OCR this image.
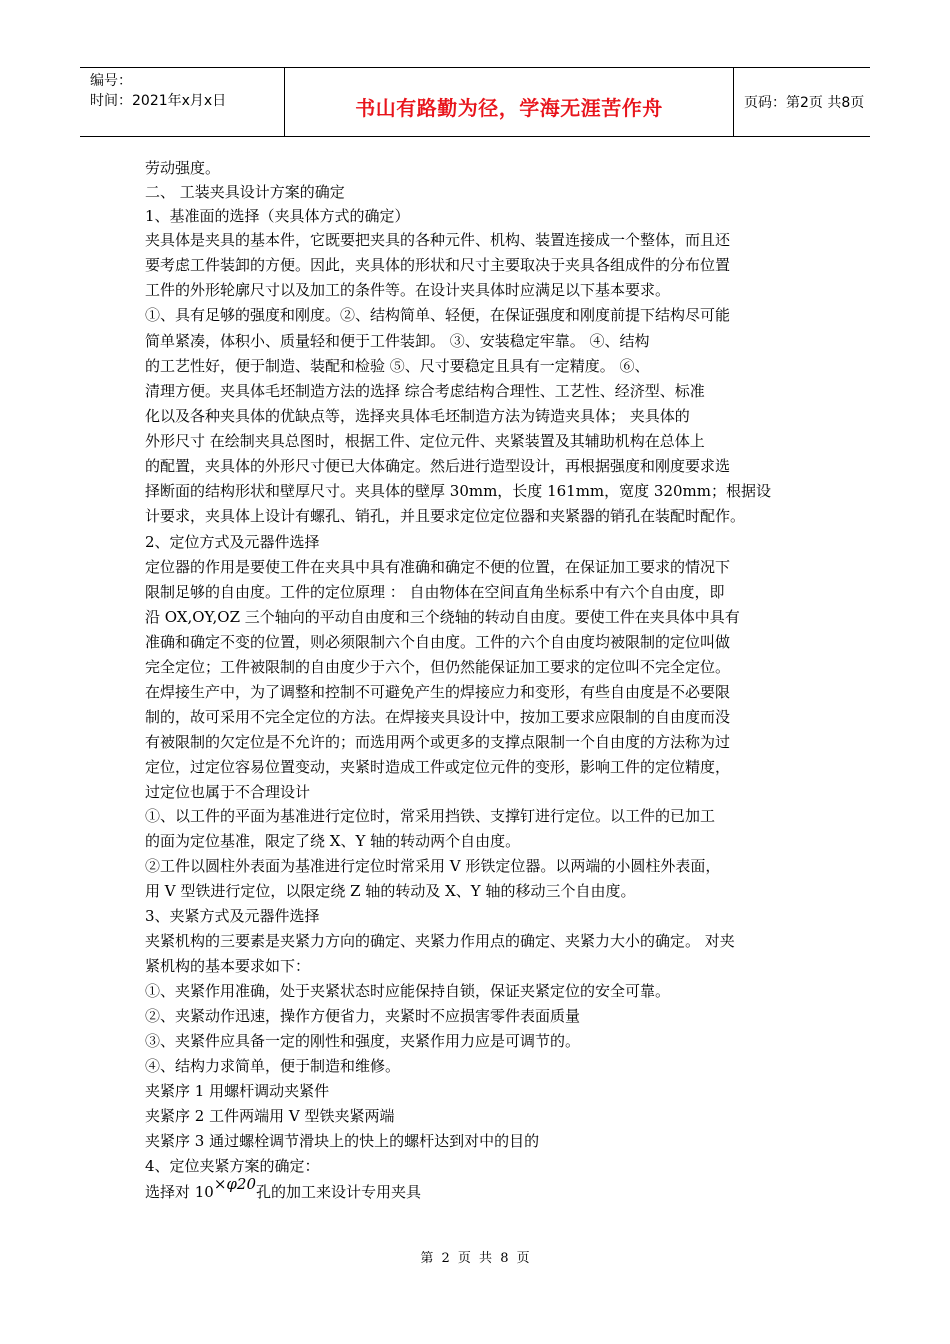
编号：
时间：2021年x月x日	书山有路勤为径，学海无涯苦作舟	页码：第2页 共8页
劳动强度。
二、 工装夹具设计方案的确定
1、基准面的选择（夹具体方式的确定）
夹具体是夹具的基本件，它既要把夹具的各种元件、机构、装置连接成一个整体，而且还
要考虑工件装卸的方便。因此，夹具体的形状和尺寸主要取决于夹具各组成件的分布位置
工件的外形轮廓尺寸以及加工的条件等。在设计夹具体时应满足以下基本要求。
①、具有足够的强度和刚度。②、结构简单、轻便，在保证强度和刚度前提下结构尽可能
简单紧凑，体积小、质量轻和便于工件装卸。 ③、安装稳定牢靠。 ④、结构
的工艺性好，便于制造、装配和检验 ⑤、尺寸要稳定且具有一定精度。 ⑥、
清理方便。夹具体毛坯制造方法的选择 综合考虑结构合理性、工艺性、经济型、标准
化以及各种夹具体的优缺点等，选择夹具体毛坯制造方法为铸造夹具体； 夹具体的
外形尺寸 在绘制夹具总图时，根据工件、定位元件、夹紧装置及其辅助机构在总体上
的配置，夹具体的外形尺寸便已大体确定。然后进行造型设计，再根据强度和刚度要求选
择断面的结构形状和壁厚尺寸。夹具体的壁厚 30mm，长度 161mm，宽度 320mm；根据设
计要求，夹具体上设计有螺孔、销孔，并且要求定位定位器和夹紧器的销孔在装配时配作。
2、定位方式及元器件选择
定位器的作用是要使工件在夹具中具有准确和确定不便的位置，在保证加工要求的情况下
限制足够的自由度。工件的定位原理 ： 自由物体在空间直角坐标系中有六个自由度，即
沿 OX,OY,OZ 三个轴向的平动自由度和三个绕轴的转动自由度。要使工件在夹具体中具有
准确和确定不变的位置，则必须限制六个自由度。工件的六个自由度均被限制的定位叫做
完全定位；工件被限制的自由度少于六个，但仍然能保证加工要求的定位叫不完全定位。
在焊接生产中，为了调整和控制不可避免产生的焊接应力和变形，有些自由度是不必要限
制的，故可采用不完全定位的方法。在焊接夹具设计中，按加工要求应限制的自由度而没
有被限制的欠定位是不允许的；而选用两个或更多的支撑点限制一个自由度的方法称为过
定位，过定位容易位置变动，夹紧时造成工件或定位元件的变形，影响工件的定位精度，
过定位也属于不合理设计
①、以工件的平面为基准进行定位时，常采用挡铁、支撑钉进行定位。以工件的已加工
的面为定位基准，限定了绕 X、Y 轴的转动两个自由度。
②工件以圆柱外表面为基准进行定位时常采用 V 形铁定位器。以两端的小圆柱外表面，
用 V 型铁进行定位，以限定绕 Z 轴的转动及 X、Y 轴的移动三个自由度。
3、夹紧方式及元器件选择
夹紧机构的三要素是夹紧力方向的确定、夹紧力作用点的确定、夹紧力大小的确定。 对夹
紧机构的基本要求如下：
①、夹紧作用准确，处于夹紧状态时应能保持自锁，保证夹紧定位的安全可靠。
②、夹紧动作迅速，操作方便省力，夹紧时不应损害零件表面质量
③、夹紧件应具备一定的刚性和强度，夹紧作用力应是可调节的。
④、结构力求简单，便于制造和维修。
夹紧序 1 用螺杆调动夹紧件
夹紧序 2 工件两端用 V 型铁夹紧两端
夹紧序 3 通过螺栓调节滑块上的快上的螺杆达到对中的目的
4、定位夹紧方案的确定：
选择对 10×φ20孔的加工来设计专用夹具
第 2 页 共 8 页
